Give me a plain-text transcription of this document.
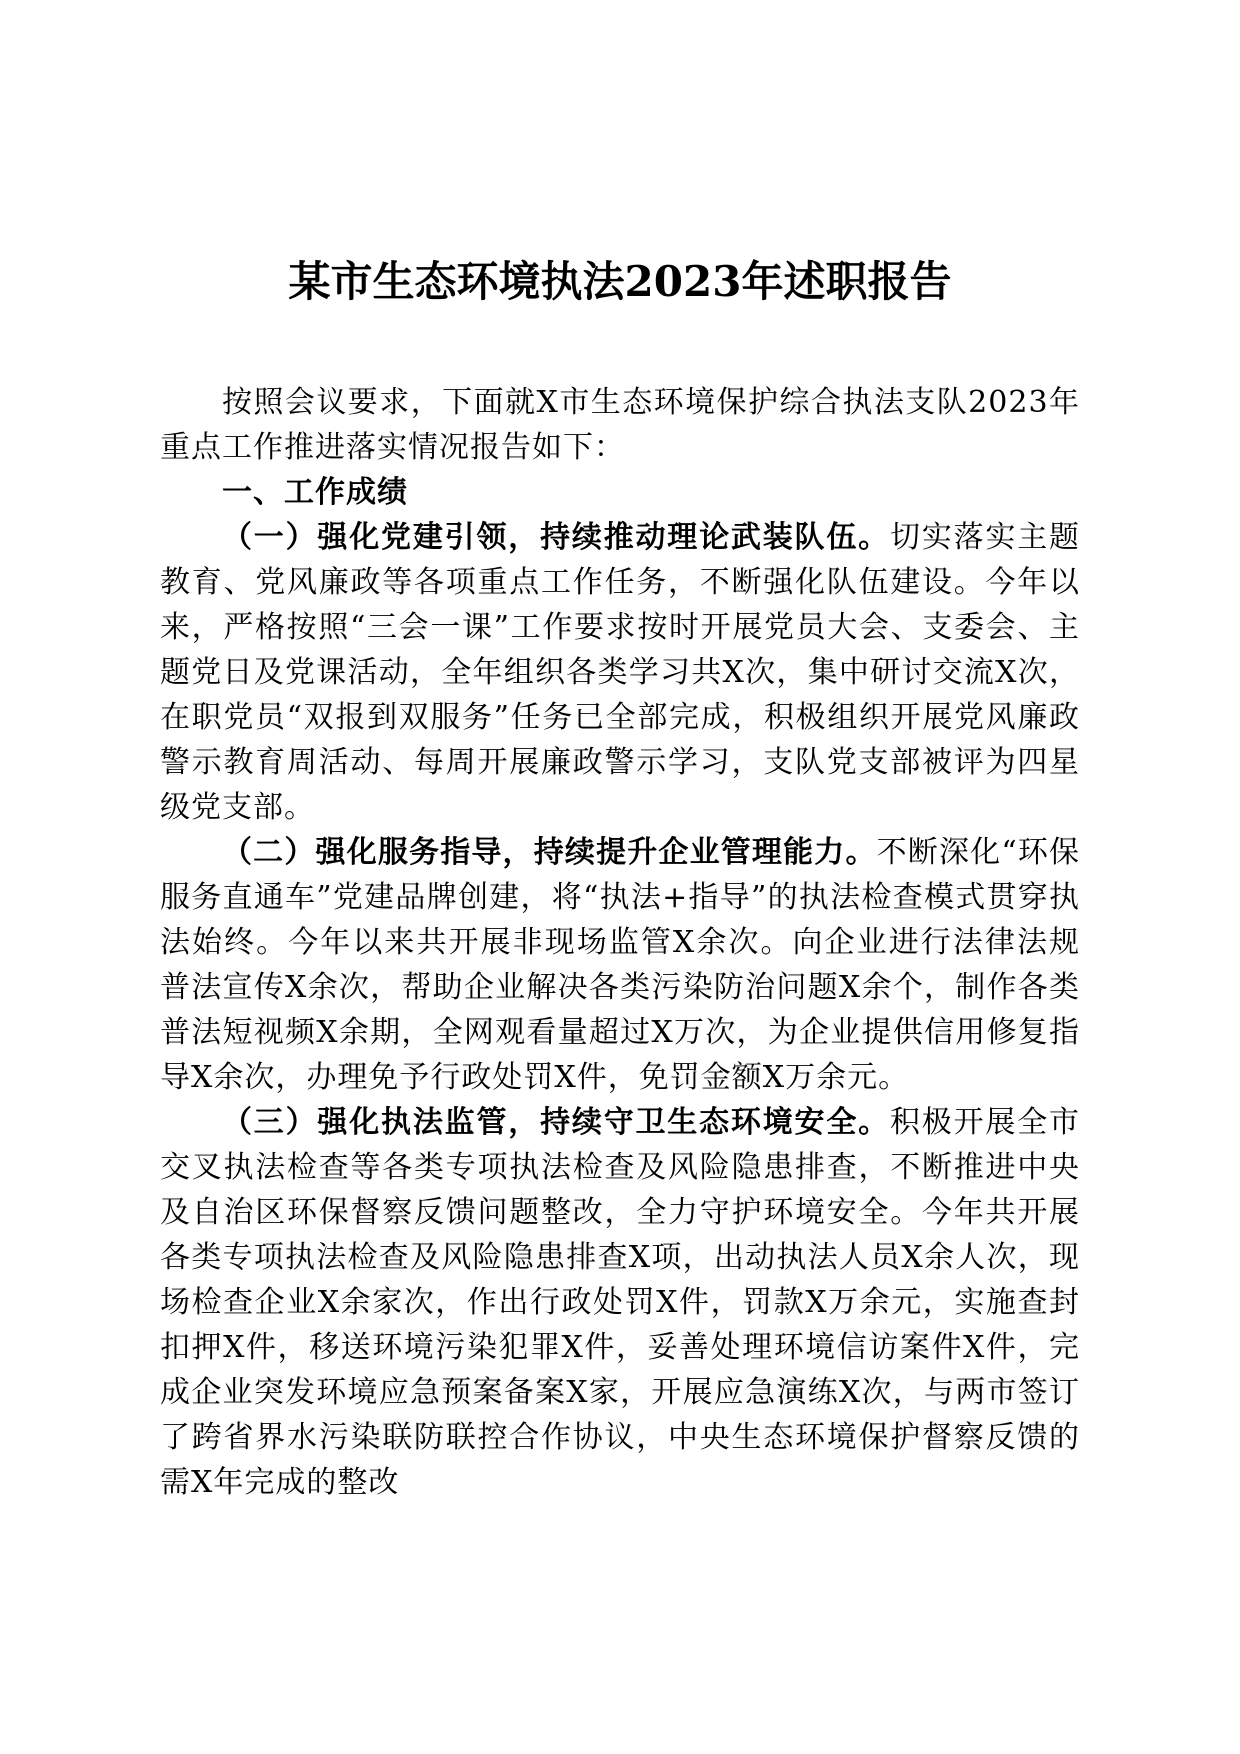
某市生态环境执法2023年述职报告

按照会议要求，下面就X市生态环境保护综合执法支队2023年重点工作推进落实情况报告如下：

一、工作成绩

（一）强化党建引领，持续推动理论武装队伍。切实落实主题教育、党风廉政等各项重点工作任务，不断强化队伍建设。今年以来，严格按照“三会一课”工作要求按时开展党员大会、支委会、主题党日及党课活动，全年组织各类学习共X次，集中研讨交流X次，在职党员“双报到双服务”任务已全部完成，积极组织开展党风廉政警示教育周活动、每周开展廉政警示学习，支队党支部被评为四星级党支部。

（二）强化服务指导，持续提升企业管理能力。不断深化“环保服务直通车”党建品牌创建，将“执法+指导”的执法检查模式贯穿执法始终。今年以来共开展非现场监管X余次。向企业进行法律法规普法宣传X余次，帮助企业解决各类污染防治问题X余个，制作各类普法短视频X余期，全网观看量超过X万次，为企业提供信用修复指导X余次，办理免予行政处罚X件，免罚金额X万余元。

（三）强化执法监管，持续守卫生态环境安全。积极开展全市交叉执法检查等各类专项执法检查及风险隐患排查，不断推进中央及自治区环保督察反馈问题整改，全力守护环境安全。今年共开展各类专项执法检查及风险隐患排查X项，出动执法人员X余人次，现场检查企业X余家次，作出行政处罚X件，罚款X万余元，实施查封扣押X件，移送环境污染犯罪X件，妥善处理环境信访案件X件，完成企业突发环境应急预案备案X家，开展应急演练X次，与两市签订了跨省界水污染联防联控合作协议，中央生态环境保护督察反馈的需X年完成的整改
